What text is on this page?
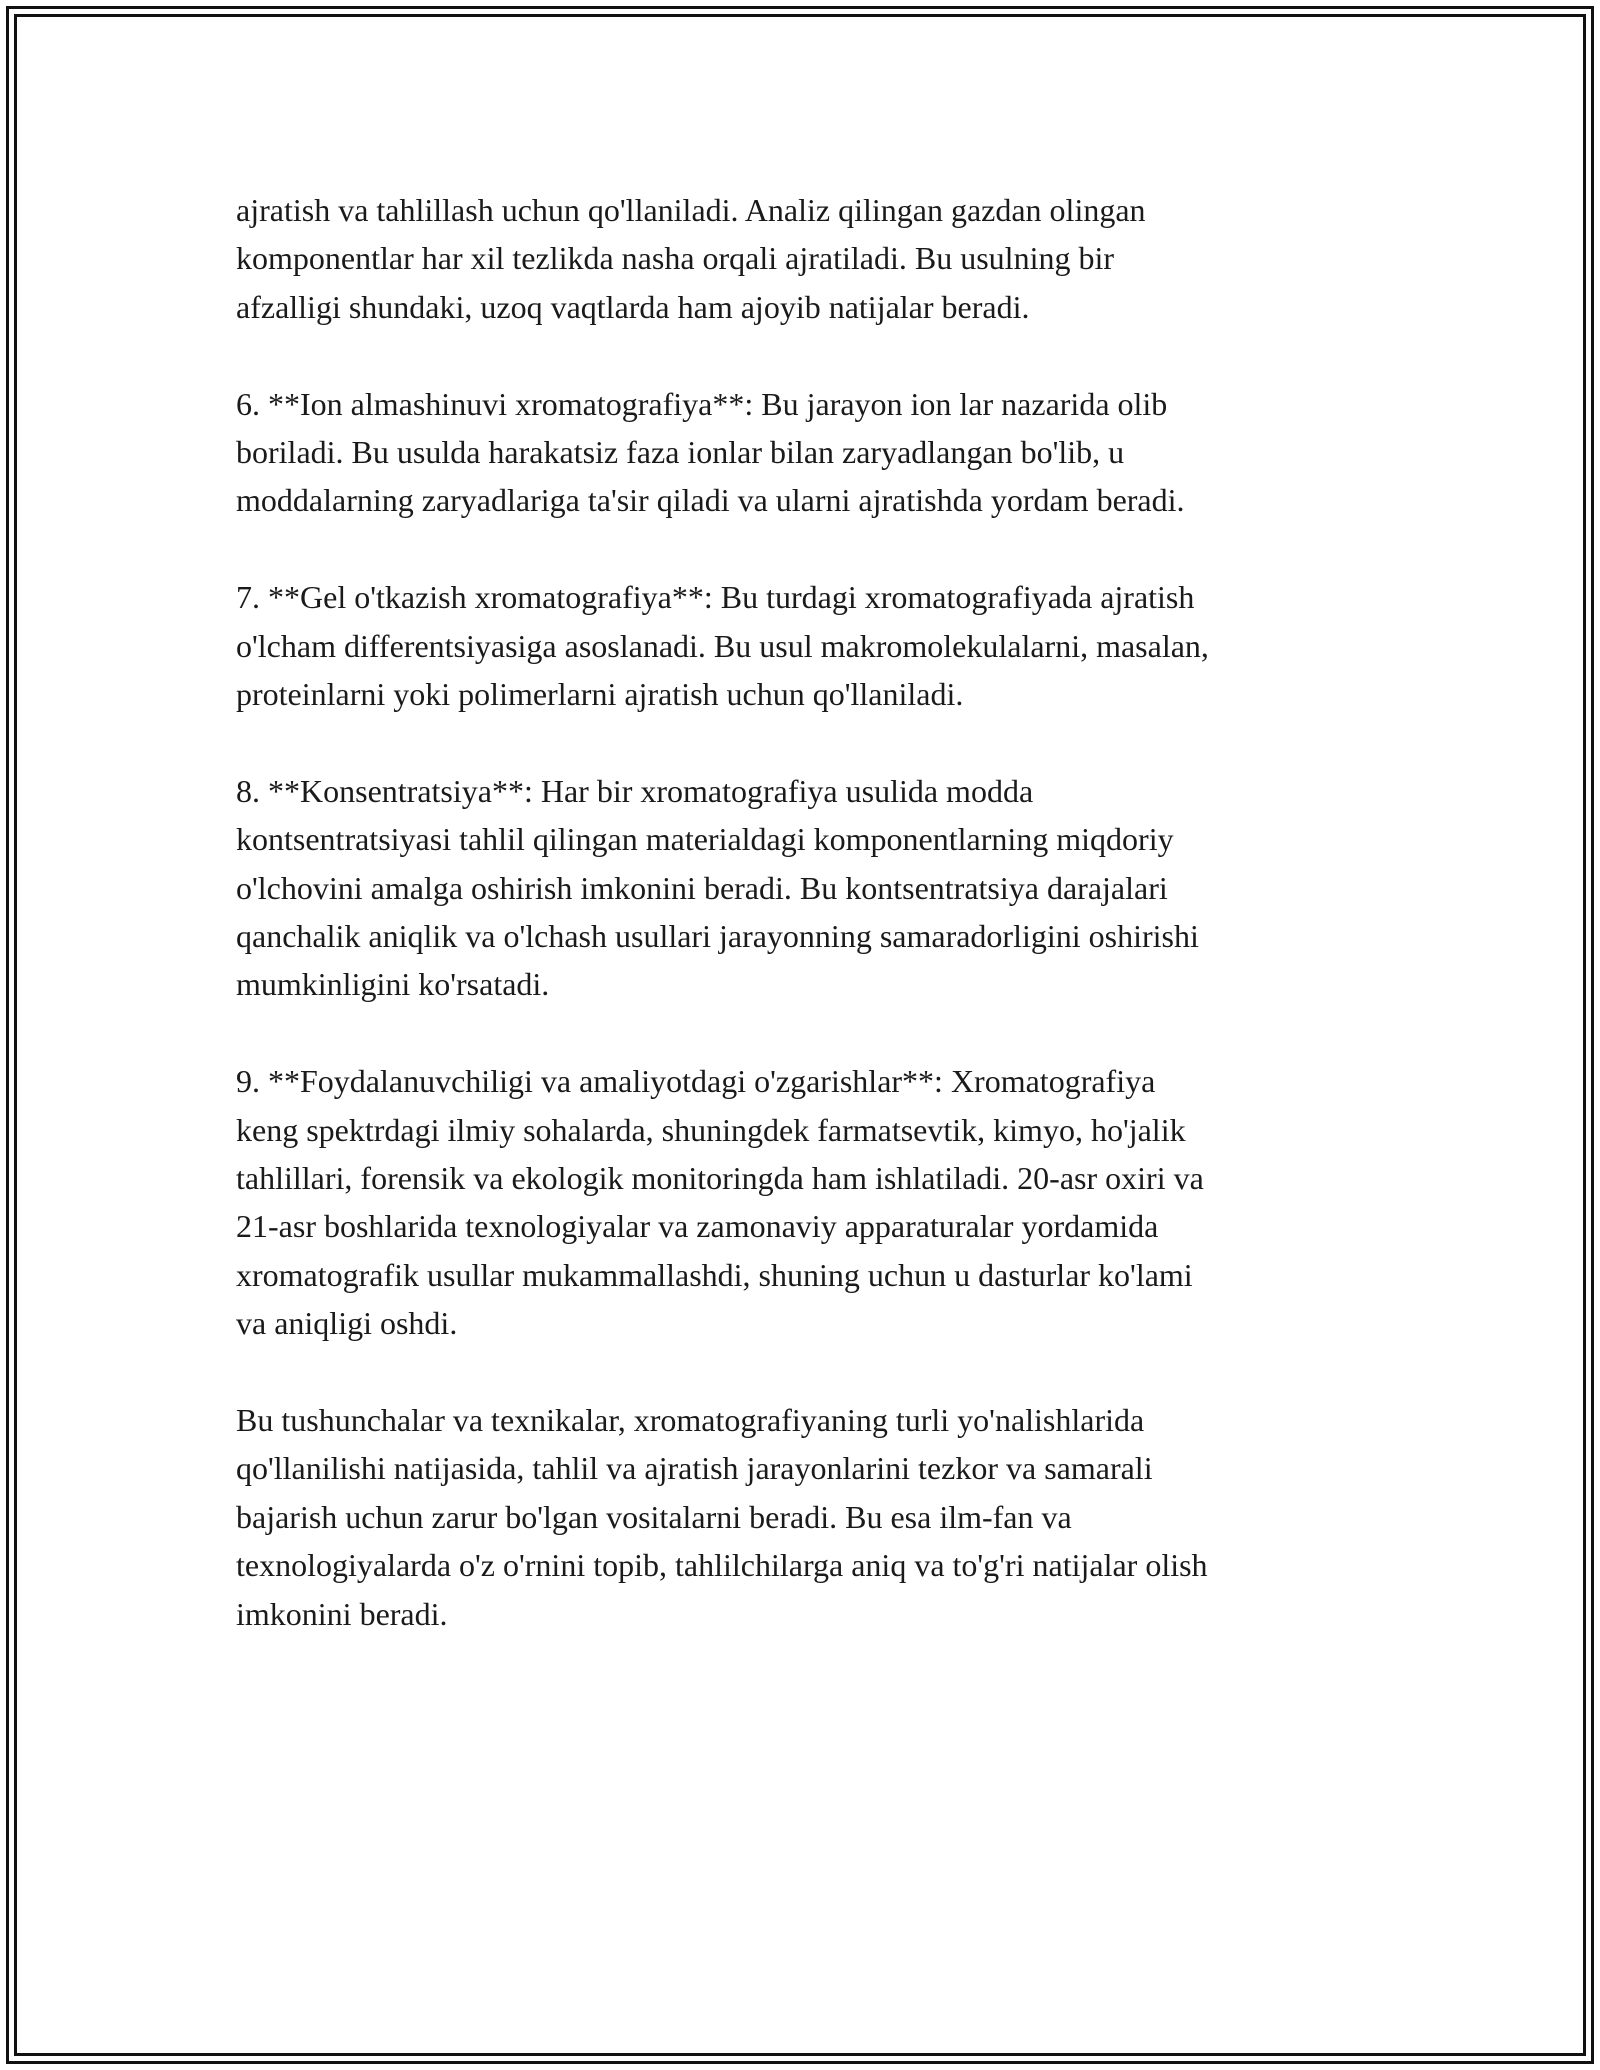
ajratish va tahlillash uchun qo'llaniladi. Analiz qilingan gazdan olingan
komponentlar har xil tezlikda nasha orqali ajratiladi. Bu usulning bir
afzalligi shundaki, uzoq vaqtlarda ham ajoyib natijalar beradi.

6. **Ion almashinuvi xromatografiya**: Bu jarayon ion lar nazarida olib
boriladi. Bu usulda harakatsiz faza ionlar bilan zaryadlangan bo'lib, u
moddalarning zaryadlariga ta'sir qiladi va ularni ajratishda yordam beradi.

7. **Gel o'tkazish xromatografiya**: Bu turdagi xromatografiyada ajratish
o'lcham differentsiyasiga asoslanadi. Bu usul makromolekulalarni, masalan,
proteinlarni yoki polimerlarni ajratish uchun qo'llaniladi.

8. **Konsentratsiya**: Har bir xromatografiya usulida modda
kontsentratsiyasi tahlil qilingan materialdagi komponentlarning miqdoriy
o'lchovini amalga oshirish imkonini beradi. Bu kontsentratsiya darajalari
qanchalik aniqlik va o'lchash usullari jarayonning samaradorligini oshirishi
mumkinligini ko'rsatadi.

9. **Foydalanuvchiligi va amaliyotdagi o'zgarishlar**: Xromatografiya
keng spektrdagi ilmiy sohalarda, shuningdek farmatsevtik, kimyo, ho'jalik
tahlillari, forensik va ekologik monitoringda ham ishlatiladi. 20-asr oxiri va
21-asr boshlarida texnologiyalar va zamonaviy apparaturalar yordamida
xromatografik usullar mukammallashdi, shuning uchun u dasturlar ko'lami
va aniqligi oshdi.

Bu tushunchalar va texnikalar, xromatografiyaning turli yo'nalishlarida
qo'llanilishi natijasida, tahlil va ajratish jarayonlarini tezkor va samarali
bajarish uchun zarur bo'lgan vositalarni beradi. Bu esa ilm-fan va
texnologiyalarda o'z o'rnini topib, tahlilchilarga aniq va to'g'ri natijalar olish
imkonini beradi.
